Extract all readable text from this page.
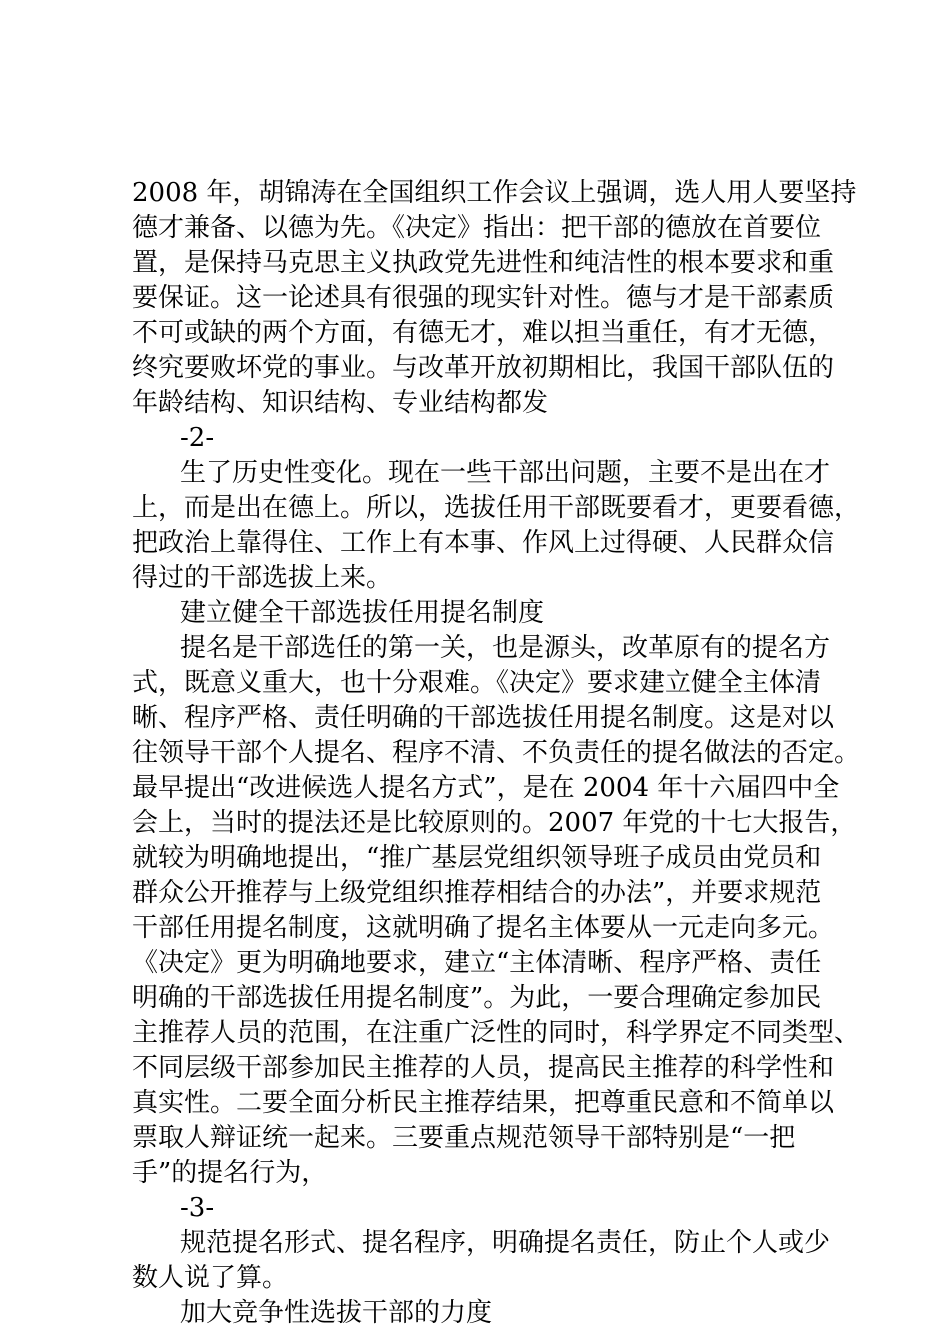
2008 年，胡锦涛在全国组织工作会议上强调，选人用人要坚持
德才兼备、以德为先。《决定》指出：把干部的德放在首要位
置，是保持马克思主义执政党先进性和纯洁性的根本要求和重
要保证。这一论述具有很强的现实针对性。德与才是干部素质
不可或缺的两个方面，有德无才，难以担当重任，有才无德，
终究要败坏党的事业。与改革开放初期相比，我国干部队伍的
年龄结构、知识结构、专业结构都发
-2-
生了历史性变化。现在一些干部出问题，主要不是出在才
上，而是出在德上。所以，选拔任用干部既要看才，更要看德，
把政治上靠得住、工作上有本事、作风上过得硬、人民群众信
得过的干部选拔上来。
建立健全干部选拔任用提名制度
提名是干部选任的第一关，也是源头，改革原有的提名方
式，既意义重大，也十分艰难。《决定》要求建立健全主体清
晰、程序严格、责任明确的干部选拔任用提名制度。这是对以
往领导干部个人提名、程序不清、不负责任的提名做法的否定。
最早提出“改进候选人提名方式”，是在 2004 年十六届四中全
会上，当时的提法还是比较原则的。2007 年党的十七大报告，
就较为明确地提出，“推广基层党组织领导班子成员由党员和
群众公开推荐与上级党组织推荐相结合的办法”，并要求规范
干部任用提名制度，这就明确了提名主体要从一元走向多元。
《决定》更为明确地要求，建立“主体清晰、程序严格、责任
明确的干部选拔任用提名制度”。为此，一要合理确定参加民
主推荐人员的范围，在注重广泛性的同时，科学界定不同类型、
不同层级干部参加民主推荐的人员，提高民主推荐的科学性和
真实性。二要全面分析民主推荐结果，把尊重民意和不简单以
票取人辩证统一起来。三要重点规范领导干部特别是“一把
手”的提名行为，
-3-
规范提名形式、提名程序，明确提名责任，防止个人或少
数人说了算。
加大竞争性选拔干部的力度
